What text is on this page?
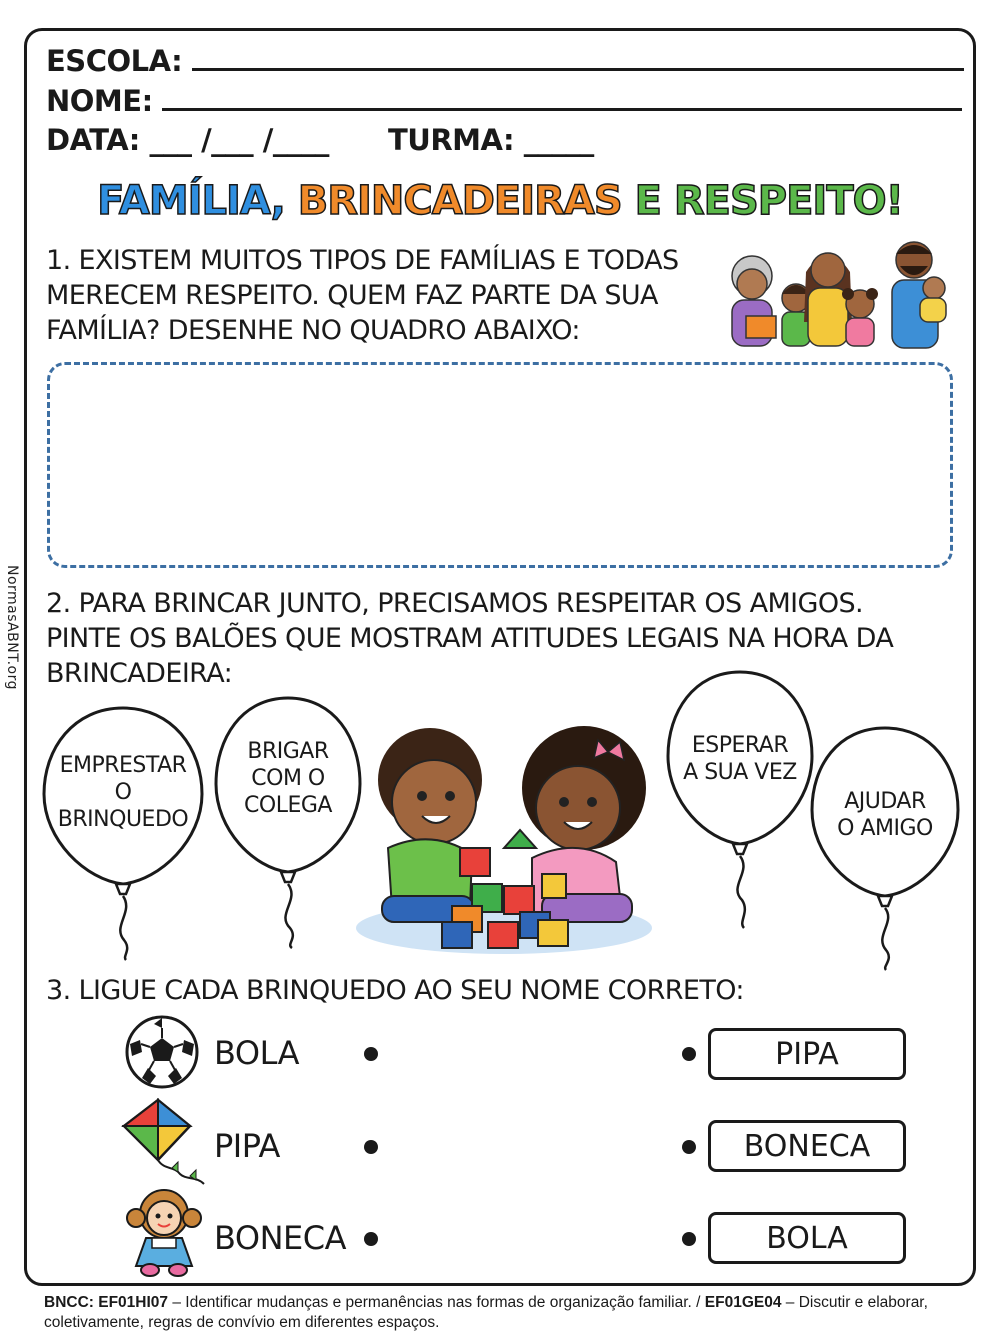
NormasABNT.org
ESCOLA:
NOME:
DATA: ___ /___ /____ TURMA: _____
FAMÍLIA, BRINCADEIRAS E RESPEITO!
1. EXISTEM MUITOS TIPOS DE FAMÍLIAS E TODAS
MERECEM RESPEITO. QUEM FAZ PARTE DA SUA
FAMÍLIA? DESENHE NO QUADRO ABAIXO:
2. PARA BRINCAR JUNTO, PRECISAMOS RESPEITAR OS AMIGOS.
PINTE OS BALÕES QUE MOSTRAM ATITUDES LEGAIS NA HORA DA
BRINCADEIRA:
EMPRESTAR
O
BRINQUEDO
BRIGAR
COM O
COLEGA
ESPERAR
A SUA VEZ
AJUDAR
O AMIGO
3. LIGUE CADA BRINQUEDO AO SEU NOME CORRETO:
BOLA	PIPA
PIPA	BONECA
BONECA	BOLA
BNCC: EF01HI07 – Identificar mudanças e permanências nas formas de organização familiar. / EF01GE04 – Discutir e elaborar, coletivamente, regras de convívio em diferentes espaços.
